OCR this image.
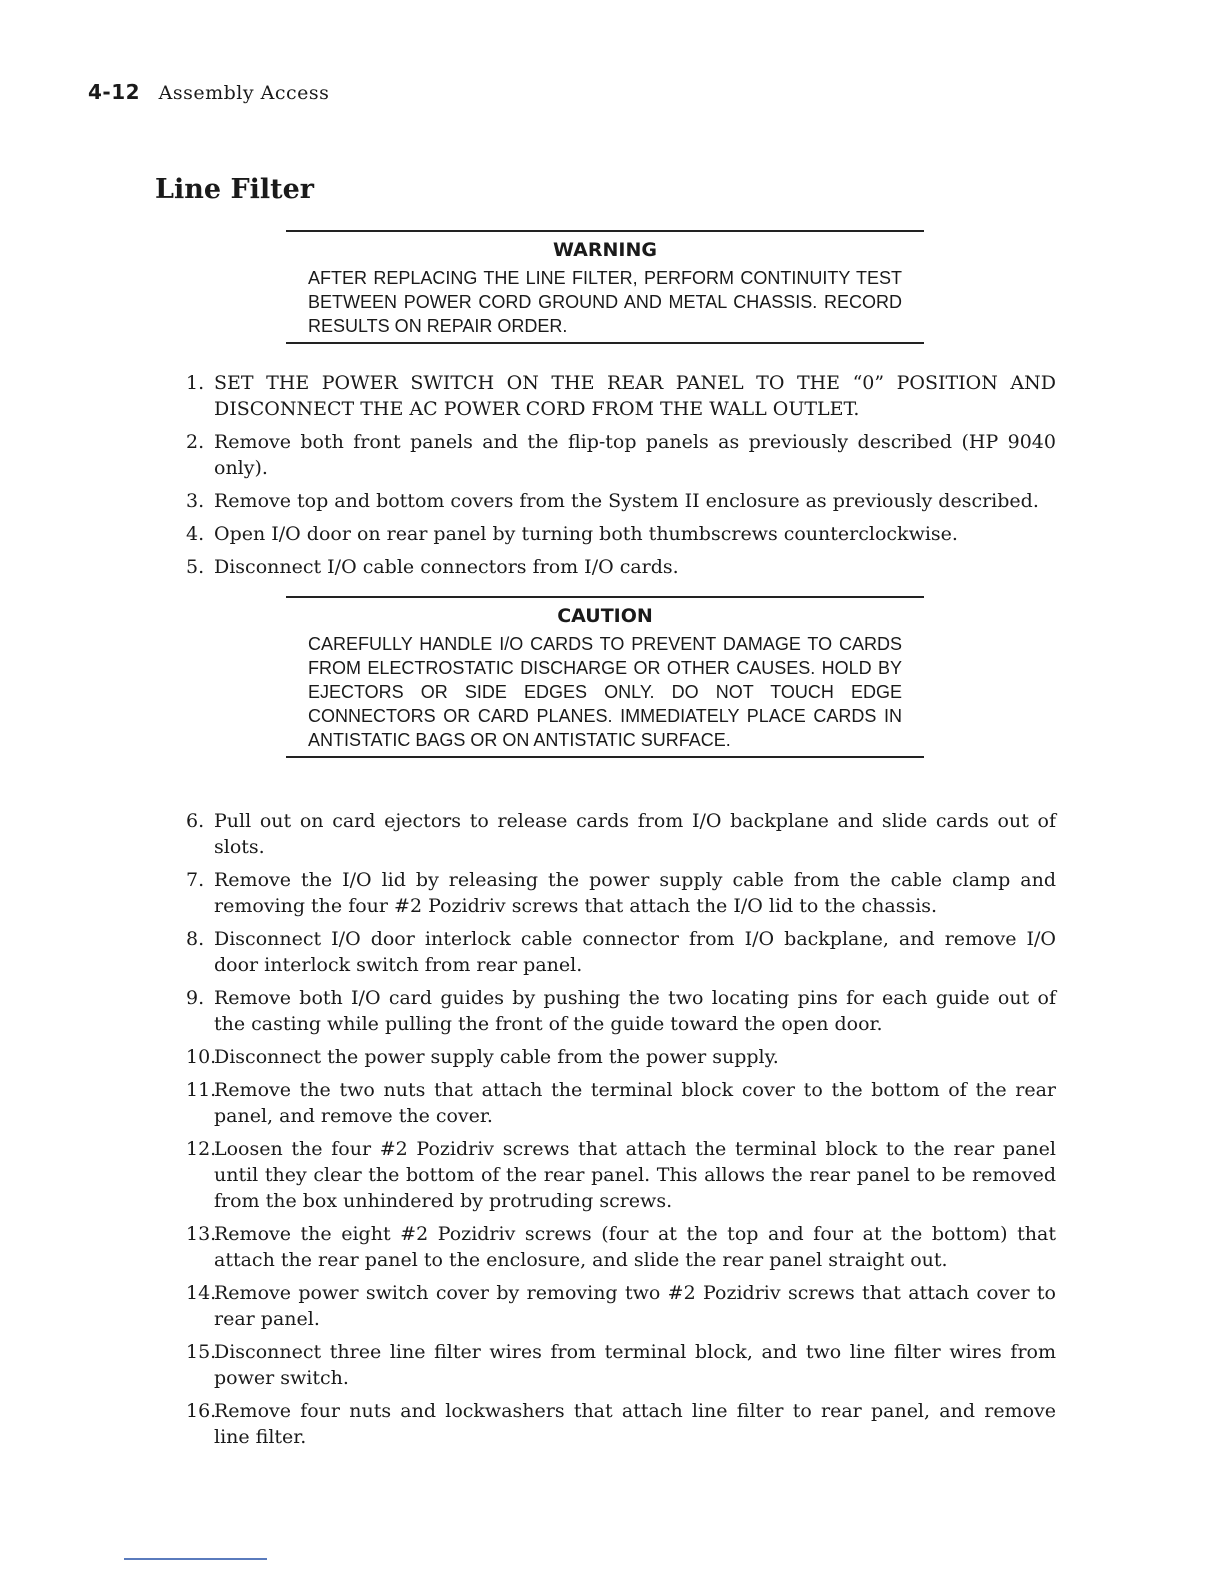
4-12 Assembly Access
Line Filter
WARNING
AFTER REPLACING THE LINE FILTER, PERFORM CONTINUITY TEST BETWEEN POWER CORD GROUND AND METAL CHASSIS. RECORD RESULTS ON REPAIR ORDER.
1. SET THE POWER SWITCH ON THE REAR PANEL TO THE “0” POSITION AND DISCONNECT THE AC POWER CORD FROM THE WALL OUTLET.
2. Remove both front panels and the flip-top panels as previously described (HP 9040 only).
3. Remove top and bottom covers from the System II enclosure as previously described.
4. Open I/O door on rear panel by turning both thumbscrews counterclockwise.
5. Disconnect I/O cable connectors from I/O cards.
CAUTION
CAREFULLY HANDLE I/O CARDS TO PREVENT DAMAGE TO CARDS FROM ELECTROSTATIC DISCHARGE OR OTHER CAUSES. HOLD BY EJECTORS OR SIDE EDGES ONLY. DO NOT TOUCH EDGE CONNECTORS OR CARD PLANES. IMMEDIATELY PLACE CARDS IN ANTISTATIC BAGS OR ON ANTISTATIC SURFACE.
6. Pull out on card ejectors to release cards from I/O backplane and slide cards out of slots.
7. Remove the I/O lid by releasing the power supply cable from the cable clamp and removing the four #2 Pozidriv screws that attach the I/O lid to the chassis.
8. Disconnect I/O door interlock cable connector from I/O backplane, and remove I/O door interlock switch from rear panel.
9. Remove both I/O card guides by pushing the two locating pins for each guide out of the casting while pulling the front of the guide toward the open door.
10.
Disconnect the power supply cable from the power supply.
11.
Remove the two nuts that attach the terminal block cover to the bottom of the rear panel, and remove the cover.
12.
Loosen the four #2 Pozidriv screws that attach the terminal block to the rear panel until they clear the bottom of the rear panel. This allows the rear panel to be removed from the box unhindered by protruding screws.
13.
Remove the eight #2 Pozidriv screws (four at the top and four at the bottom) that attach the rear panel to the enclosure, and slide the rear panel straight out.
14.
Remove power switch cover by removing two #2 Pozidriv screws that attach cover to rear panel.
15.
Disconnect three line filter wires from terminal block, and two line filter wires from power switch.
16.
Remove four nuts and lockwashers that attach line filter to rear panel, and remove line filter.
